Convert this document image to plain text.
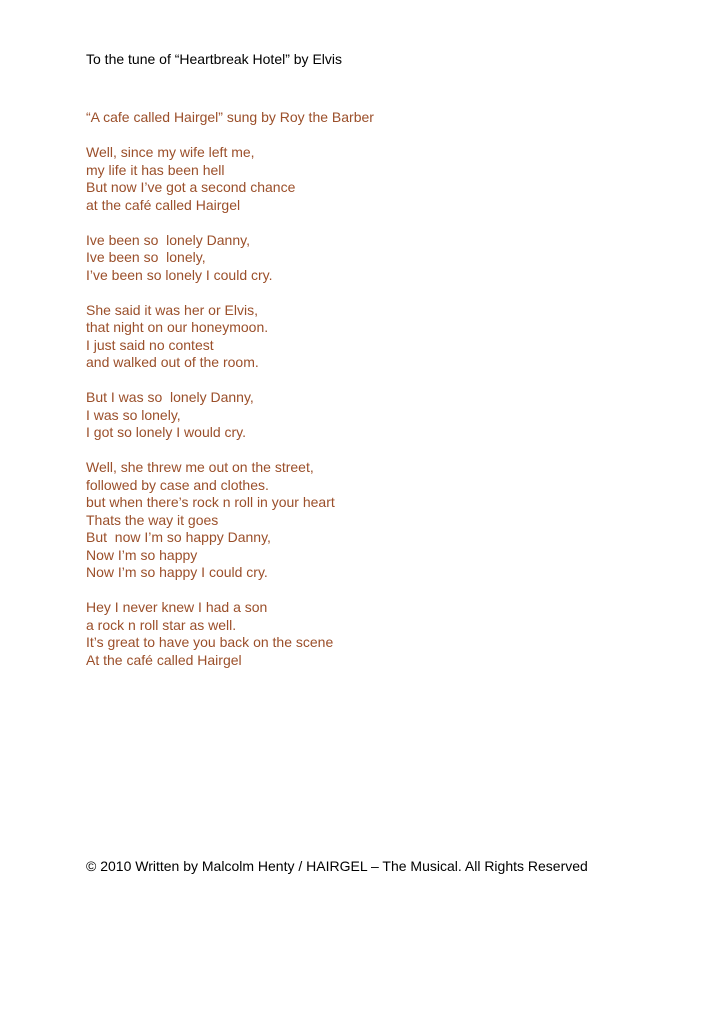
To the tune of “Heartbreak Hotel” by Elvis
“A cafe called Hairgel” sung by Roy the Barber
Well, since my wife left me,
my life it has been hell
But now I’ve got a second chance
at the café called Hairgel
Ive been so  lonely Danny,
Ive been so  lonely,
I’ve been so lonely I could cry.
She said it was her or Elvis,
that night on our honeymoon.
I just said no contest
and walked out of the room.
But I was so  lonely Danny,
I was so lonely,
I got so lonely I would cry.
Well, she threw me out on the street,
followed by case and clothes.
but when there’s rock n roll in your heart
Thats the way it goes
But  now I’m so happy Danny,
Now I’m so happy
Now I’m so happy I could cry.
Hey I never knew I had a son
a rock n roll star as well.
It’s great to have you back on the scene
At the café called Hairgel
© 2010 Written by Malcolm Henty / HAIRGEL – The Musical. All Rights Reserved
